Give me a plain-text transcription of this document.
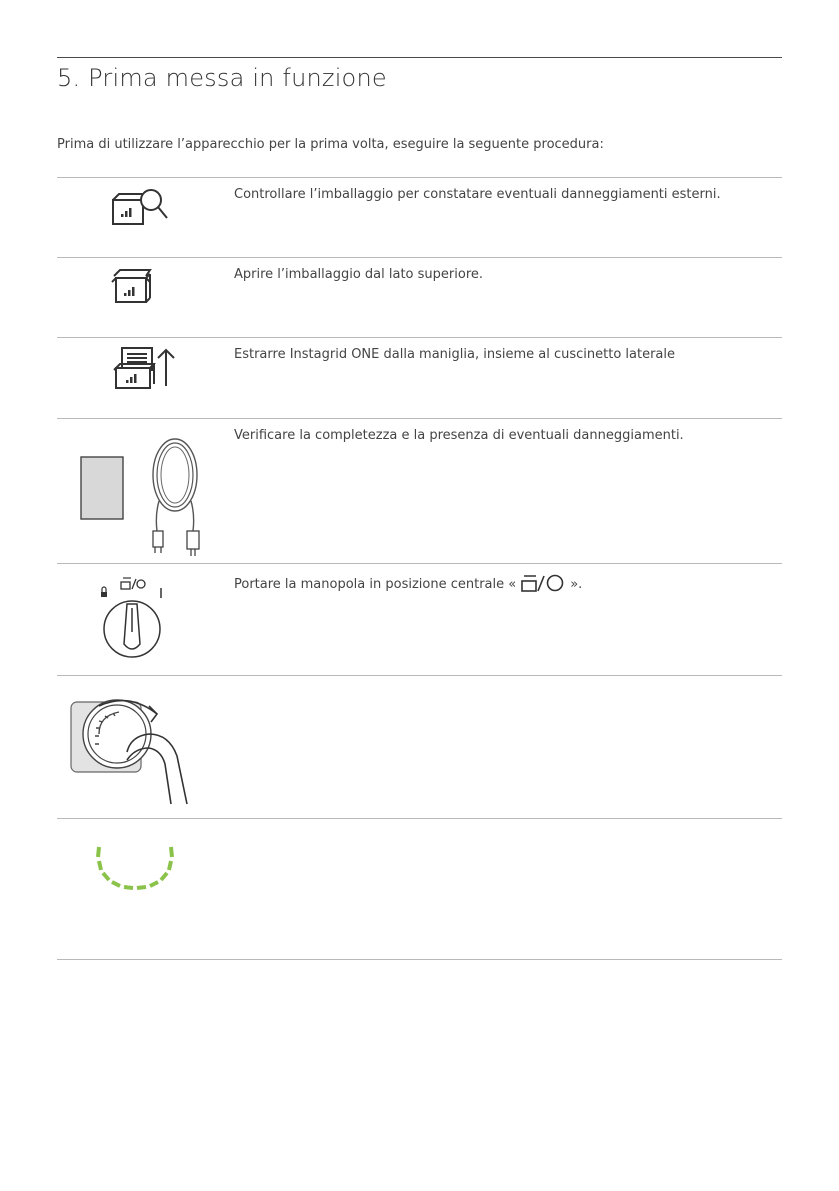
5. Prima messa in funzione

Prima di utilizzare l’apparecchio per la prima volta, eseguire la seguente procedura:

Controllare l’imballaggio per constatare eventuali danneggiamenti esterni.
Aprire l’imballaggio dal lato superiore.
Estrarre Instagrid ONE dalla maniglia, insieme al cuscinetto laterale
Verificare la completezza e la presenza di eventuali danneggiamenti.
Portare la manopola in posizione centrale «	».
